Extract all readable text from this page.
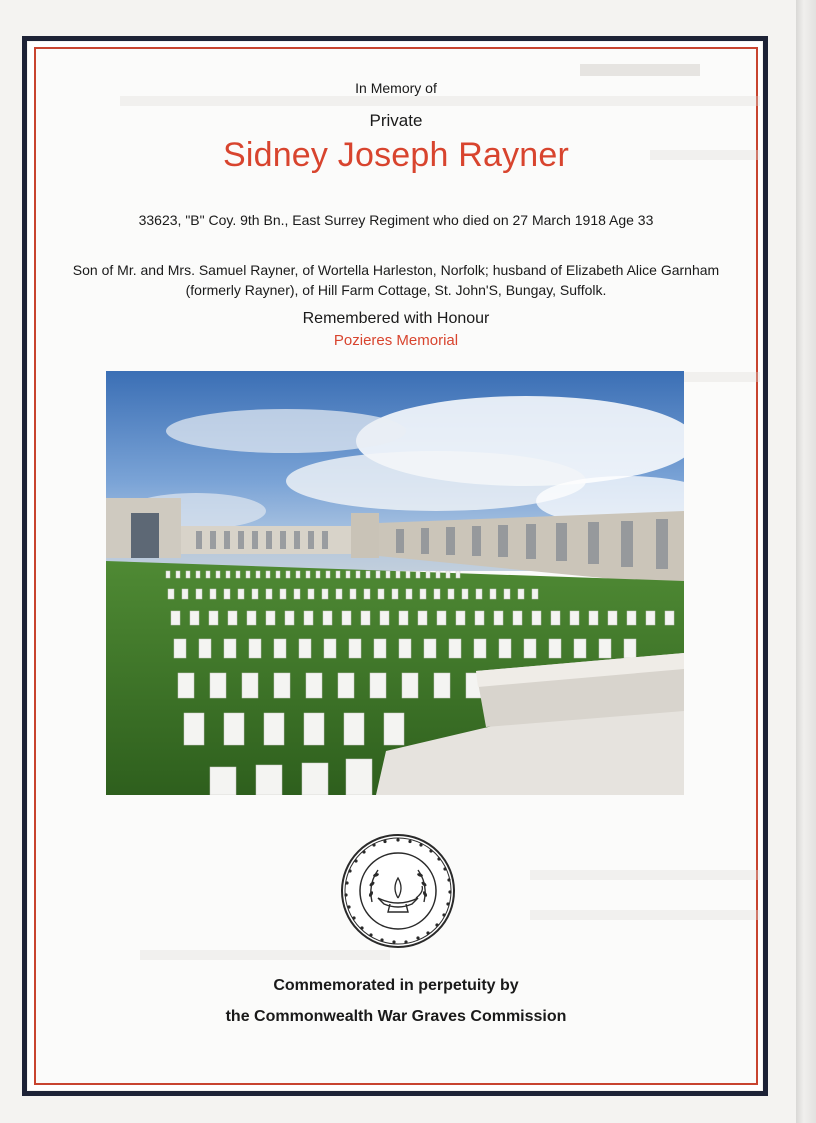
In Memory of
Private
Sidney Joseph Rayner
33623, "B" Coy. 9th Bn., East Surrey Regiment who died on 27 March 1918 Age 33
Son of Mr. and Mrs. Samuel Rayner, of Wortella Harleston, Norfolk; husband of Elizabeth Alice Garnham
(formerly Rayner), of Hill Farm Cottage, St. John'S, Bungay, Suffolk.
Remembered with Honour
Pozieres Memorial
Commemorated in perpetuity by
the Commonwealth War Graves Commission
